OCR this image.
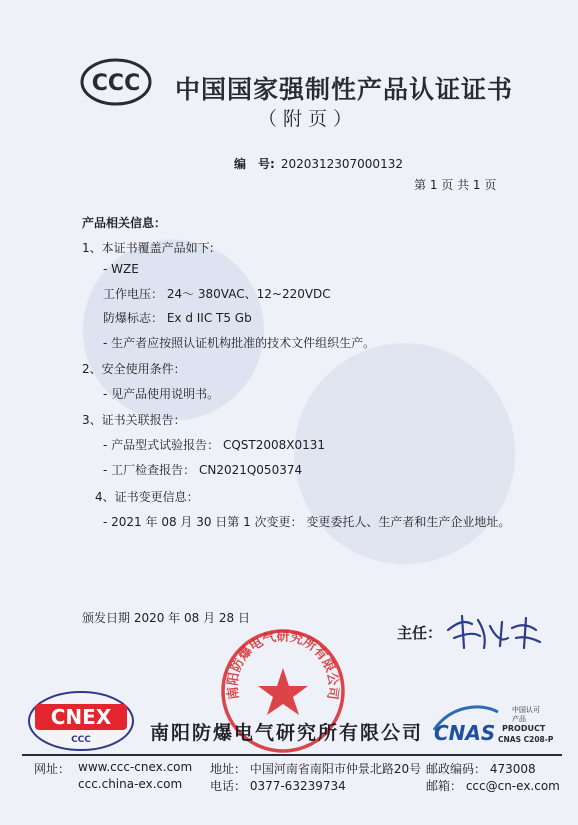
CCC 中国国家强制性产品认证证书
（附页）
编　号: 2020312307000132
第 1 页 共 1 页
产品相关信息：
1、本证书覆盖产品如下:
- WZE
工作电压： 24～ 380VAC、12~220VDC
防爆标志： Ex d IIC T5 Gb
- 生产者应按照认证机构批准的技术文件组织生产。
2、安全使用条件：
- 见产品使用说明书。
3、证书关联报告：
- 产品型式试验报告： CQST2008X0131
- 工厂检查报告： CN2021Q050374
4、证书变更信息：
- 2021 年 08 月 30 日第 1 次变更： 变更委托人、生产者和生产企业地址。
颁发日期 2020 年 08 月 28 日
南阳防爆电气研究所有限公司
主任：
CNEX
CCC	南阳防爆电气研究所有限公司 CNAS
中国认可
产品
PRODUCT
CNAS C208-P
网址： www.ccc-cnex.com
ccc.china-ex.com
地址： 中国河南省南阳市仲景北路20号
电话： 0377-63239734
邮政编码： 473008
邮箱： ccc@cn-ex.com
